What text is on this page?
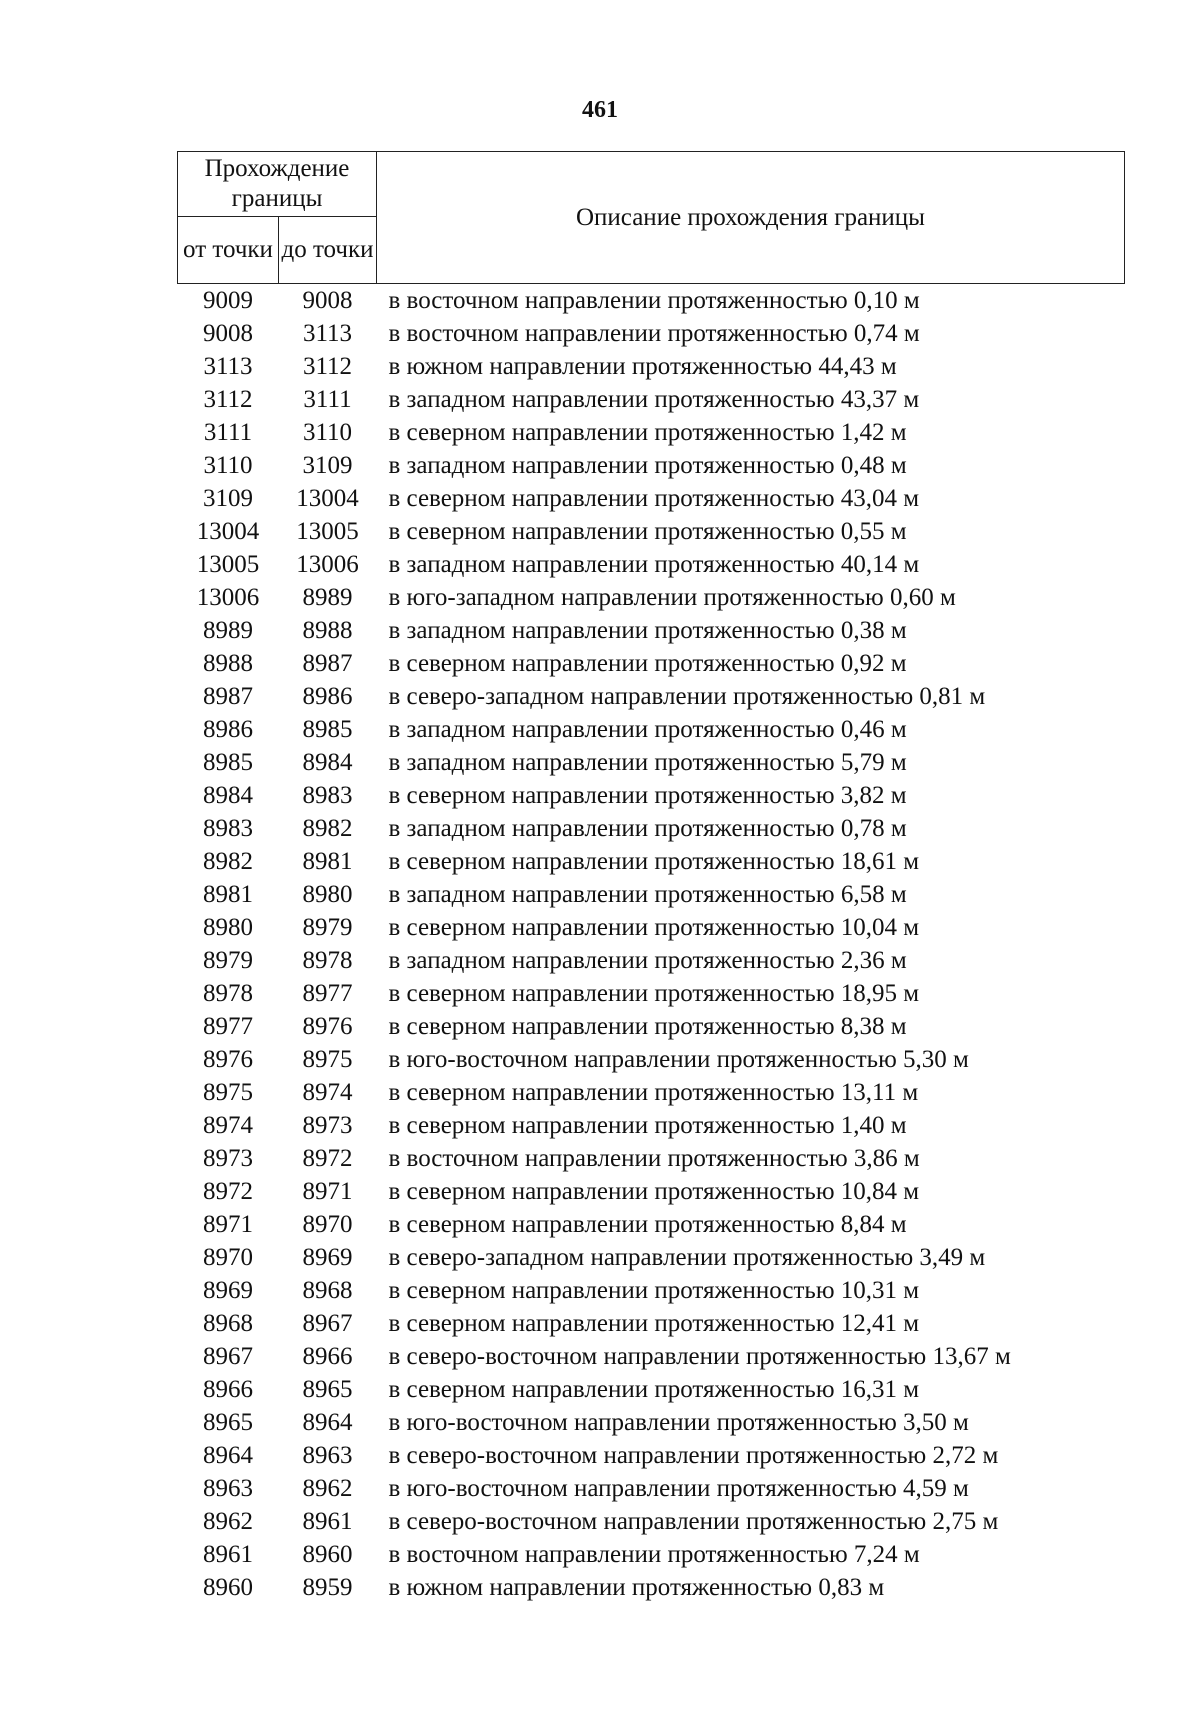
461
Прохождение границы		Описание прохождения границы
от точки	до точки	
9009	9008	в восточном направлении протяженностью 0,10 м
9008	3113	в восточном направлении протяженностью 0,74 м
3113	3112	в южном направлении протяженностью 44,43 м
3112	3111	в западном направлении протяженностью 43,37 м
3111	3110	в северном направлении протяженностью 1,42 м
3110	3109	в западном направлении протяженностью 0,48 м
3109	13004	в северном направлении протяженностью 43,04 м
13004	13005	в северном направлении протяженностью 0,55 м
13005	13006	в западном направлении протяженностью 40,14 м
13006	8989	в юго-западном направлении протяженностью 0,60 м
8989	8988	в западном направлении протяженностью 0,38 м
8988	8987	в северном направлении протяженностью 0,92 м
8987	8986	в северо-западном направлении протяженностью 0,81 м
8986	8985	в западном направлении протяженностью 0,46 м
8985	8984	в западном направлении протяженностью 5,79 м
8984	8983	в северном направлении протяженностью 3,82 м
8983	8982	в западном направлении протяженностью 0,78 м
8982	8981	в северном направлении протяженностью 18,61 м
8981	8980	в западном направлении протяженностью 6,58 м
8980	8979	в северном направлении протяженностью 10,04 м
8979	8978	в западном направлении протяженностью 2,36 м
8978	8977	в северном направлении протяженностью 18,95 м
8977	8976	в северном направлении протяженностью 8,38 м
8976	8975	в юго-восточном направлении протяженностью 5,30 м
8975	8974	в северном направлении протяженностью 13,11 м
8974	8973	в северном направлении протяженностью 1,40 м
8973	8972	в восточном направлении протяженностью 3,86 м
8972	8971	в северном направлении протяженностью 10,84 м
8971	8970	в северном направлении протяженностью 8,84 м
8970	8969	в северо-западном направлении протяженностью 3,49 м
8969	8968	в северном направлении протяженностью 10,31 м
8968	8967	в северном направлении протяженностью 12,41 м
8967	8966	в северо-восточном направлении протяженностью 13,67 м
8966	8965	в северном направлении протяженностью 16,31 м
8965	8964	в юго-восточном направлении протяженностью 3,50 м
8964	8963	в северо-восточном направлении протяженностью 2,72 м
8963	8962	в юго-восточном направлении протяженностью 4,59 м
8962	8961	в северо-восточном направлении протяженностью 2,75 м
8961	8960	в восточном направлении протяженностью 7,24 м
8960	8959	в южном направлении протяженностью 0,83 м
